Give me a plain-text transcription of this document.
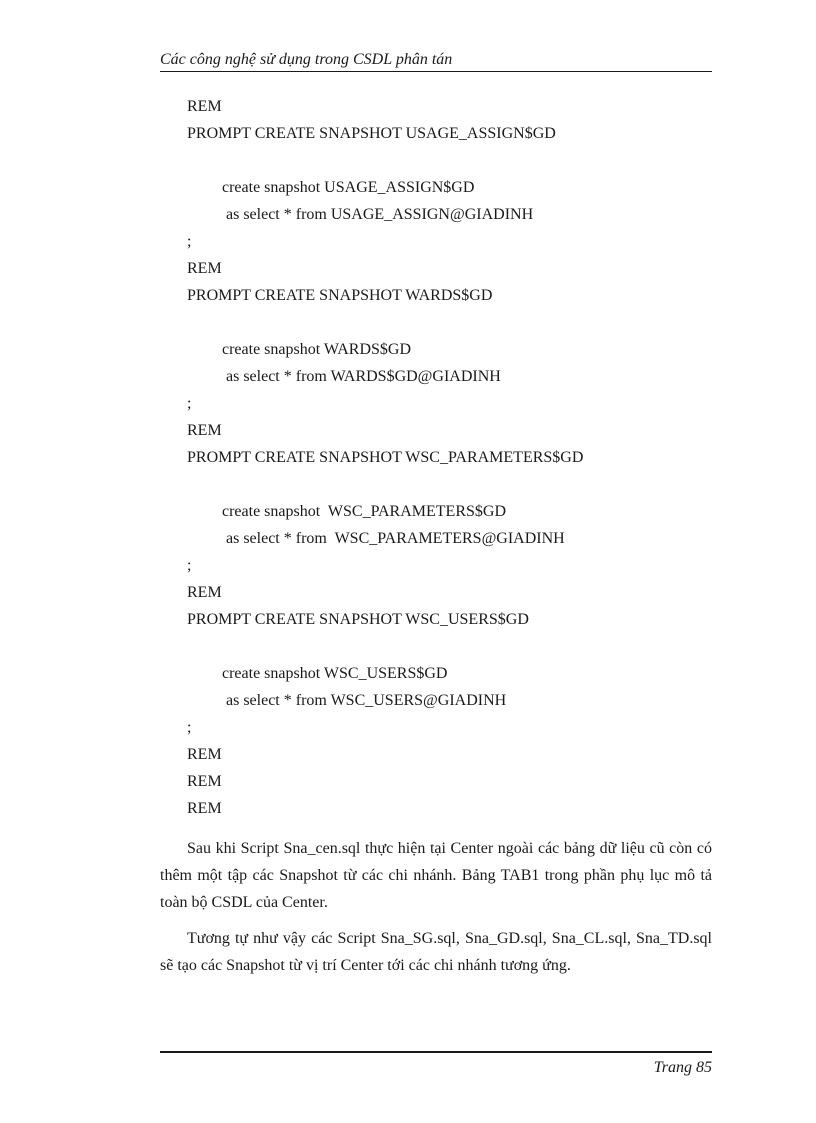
Các công nghệ sử dụng trong CSDL phân tán
REM
PROMPT CREATE SNAPSHOT USAGE_ASSIGN$GD
create snapshot USAGE_ASSIGN$GD
as select * from USAGE_ASSIGN@GIADINH
;
REM
PROMPT CREATE SNAPSHOT WARDS$GD
create snapshot WARDS$GD
as select * from WARDS$GD@GIADINH
;
REM
PROMPT CREATE SNAPSHOT WSC_PARAMETERS$GD
create snapshot  WSC_PARAMETERS$GD
as select * from  WSC_PARAMETERS@GIADINH
;
REM
PROMPT CREATE SNAPSHOT WSC_USERS$GD
create snapshot WSC_USERS$GD
as select * from WSC_USERS@GIADINH
;
REM
REM
REM

Sau khi Script Sna_cen.sql thực hiện tại Center ngoài các bảng dữ liệu cũ còn có thêm một tập các Snapshot từ các chi nhánh. Bảng TAB1 trong phần phụ lục mô tả toàn bộ CSDL của Center.

Tương tự như vậy các Script Sna_SG.sql, Sna_GD.sql, Sna_CL.sql, Sna_TD.sql sẽ tạo các Snapshot từ vị trí Center tới các chi nhánh tương ứng.

Trang 85
